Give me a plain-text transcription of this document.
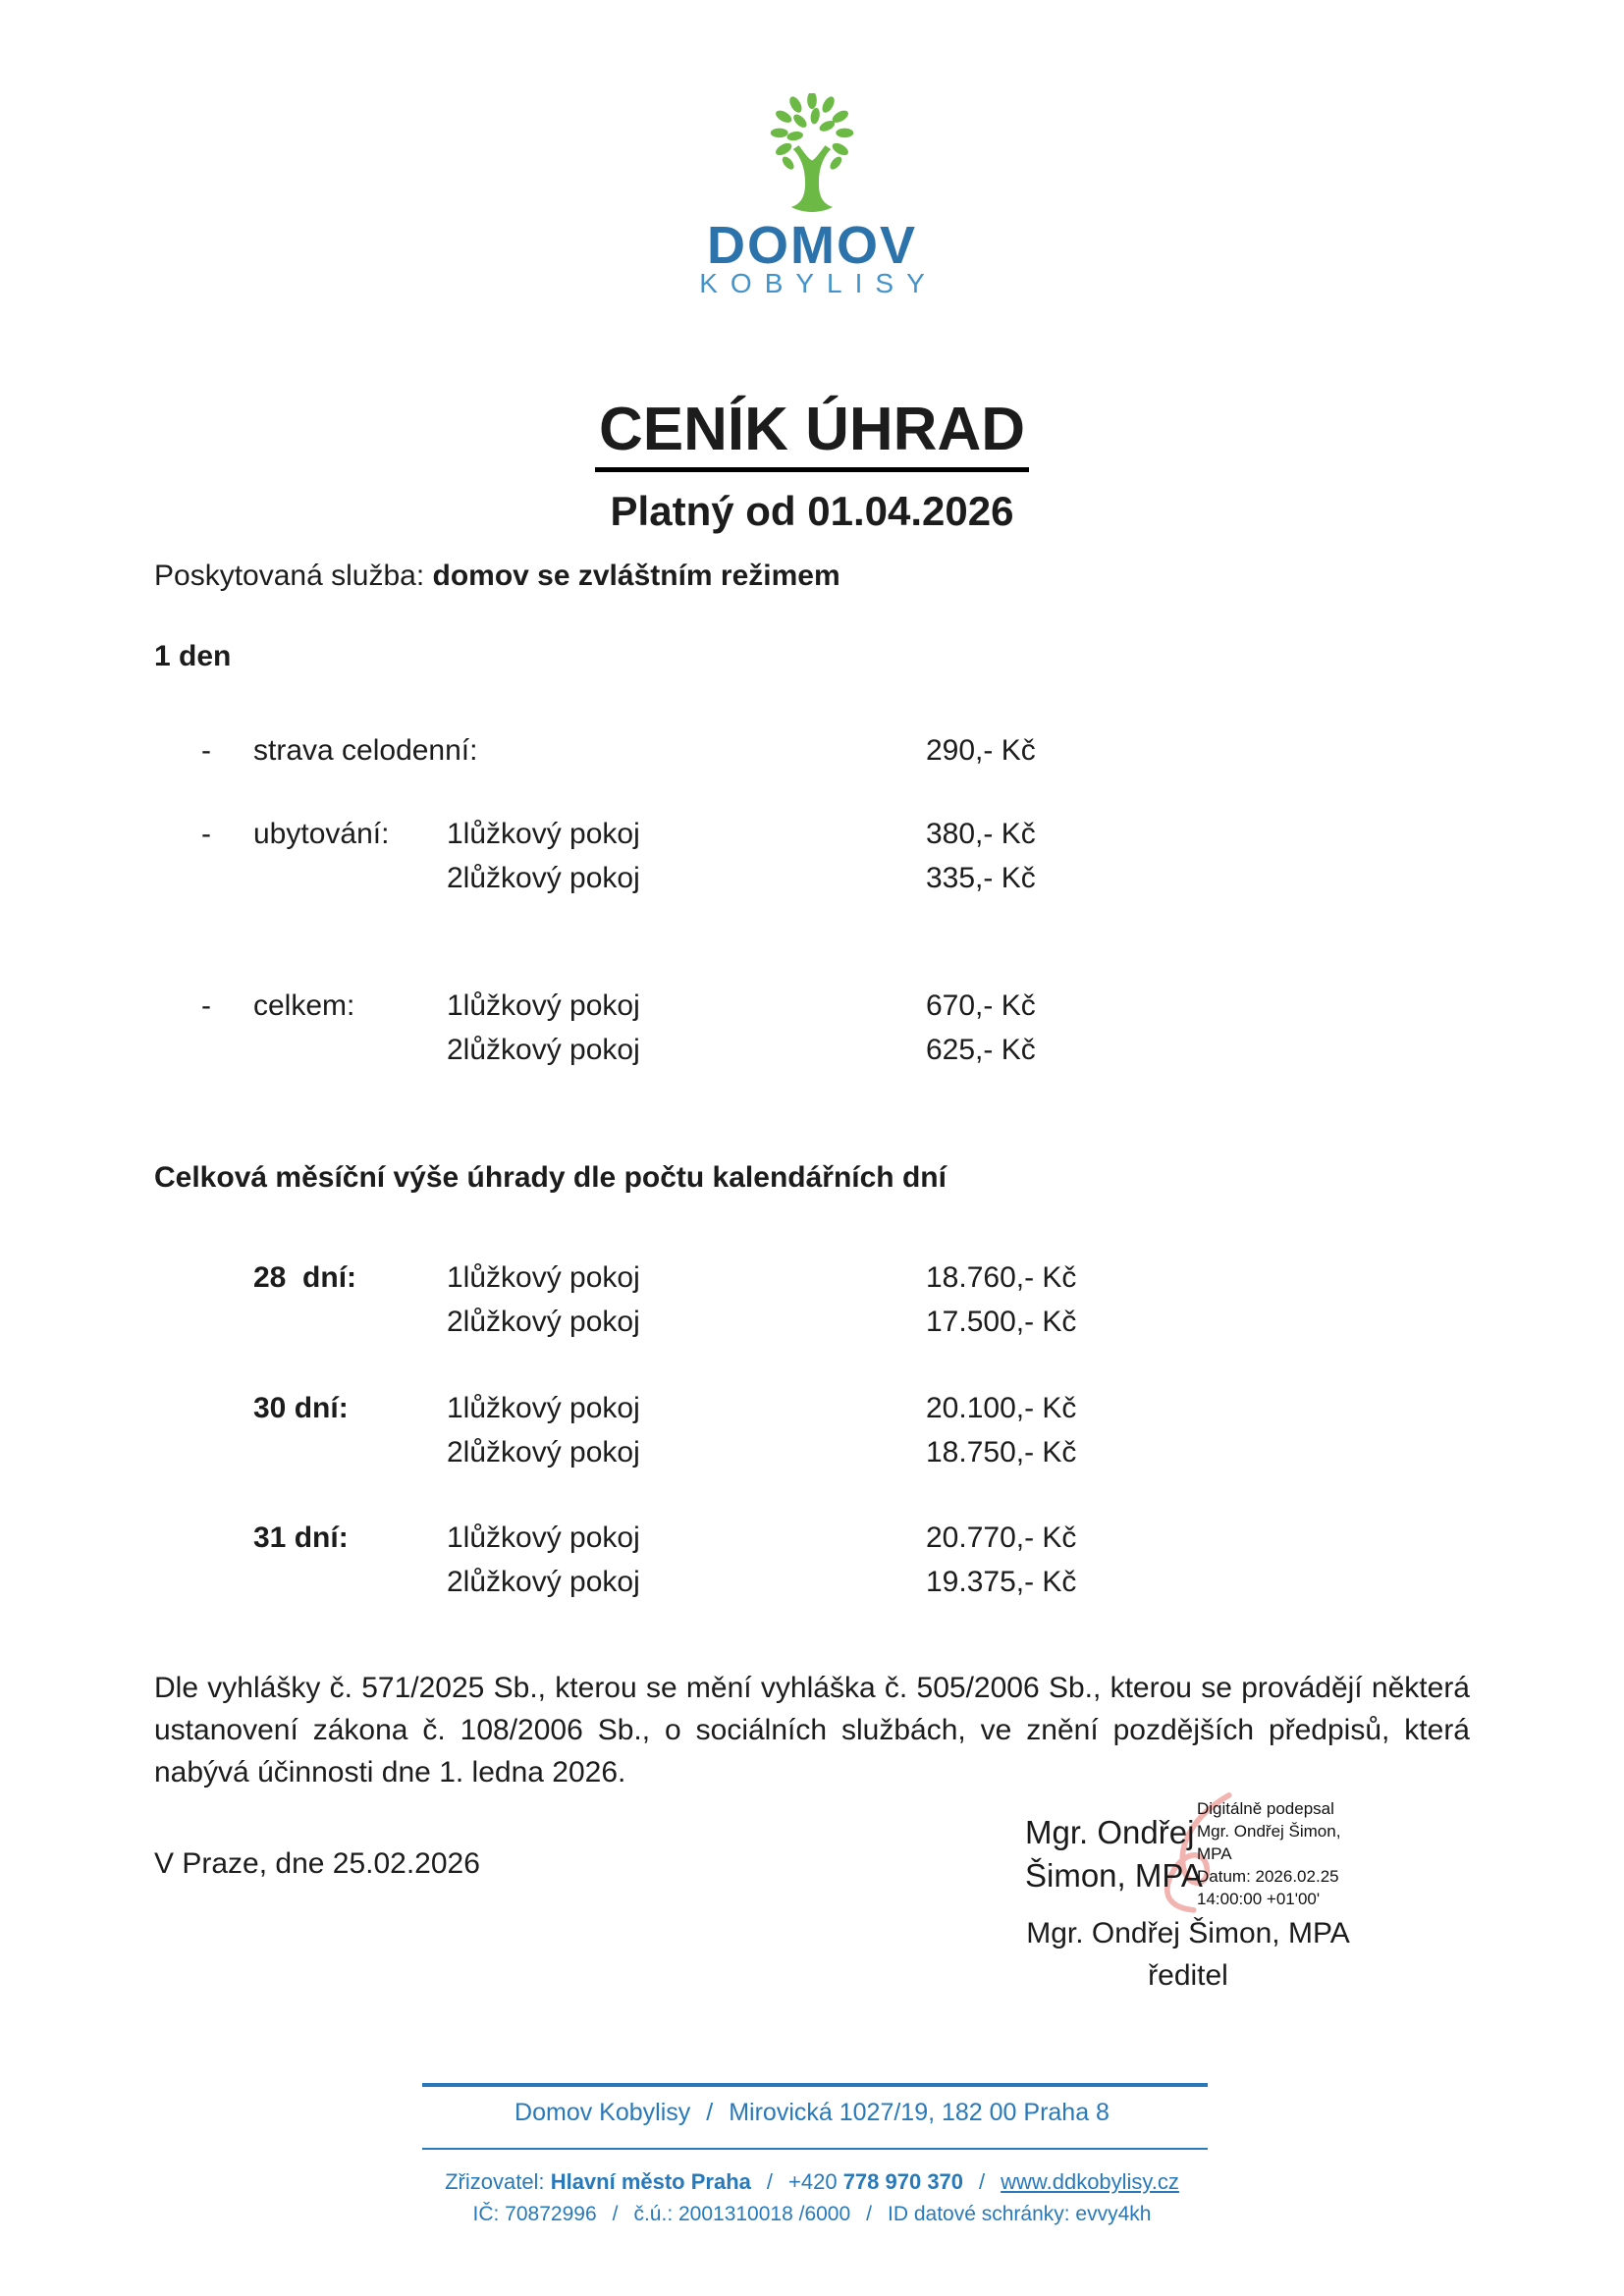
DOMOV
KOBYLISY
CENÍK ÚHRAD
Platný od 01.04.2026
Poskytovaná služba: domov se zvláštním režimem
1 den
- strava celodenní:	290,- Kč
- ubytování: 1lůžkový pokoj	380,- Kč
2lůžkový pokoj	335,- Kč
- celkem:	1lůžkový pokoj	670,- Kč
2lůžkový pokoj	625,- Kč
Celková měsíční výše úhrady dle počtu kalendářních dní
28  dní:	1lůžkový pokoj	18.760,- Kč
2lůžkový pokoj	17.500,- Kč
30 dní:	1lůžkový pokoj	20.100,- Kč
2lůžkový pokoj	18.750,- Kč
31 dní:	1lůžkový pokoj	20.770,- Kč
2lůžkový pokoj	19.375,- Kč
Dle vyhlášky č. 571/2025 Sb., kterou se mění vyhláška č. 505/2006 Sb., kterou se provádějí některá ustanovení zákona č. 108/2006 Sb., o sociálních službách, ve znění pozdějších předpisů, která nabývá účinnosti dne 1. ledna 2026.
V Praze, dne 25.02.2026
Mgr. Ondřej
Šimon, MPA
Digitálně podepsal
Mgr. Ondřej Šimon,
MPA
Datum: 2026.02.25
14:00:00 +01'00'
Mgr. Ondřej Šimon, MPA
ředitel
Domov Kobylisy / Mirovická 1027/19, 182 00 Praha 8
Zřizovatel: Hlavní město Praha / +420 778 970 370 / www.ddkobylisy.cz
IČ: 70872996 / č.ú.: 2001310018 /6000 / ID datové schránky: evvy4kh
